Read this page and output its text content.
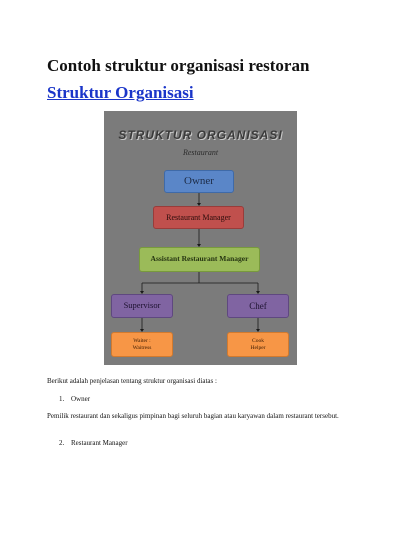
Contoh struktur organisasi restoran
Struktur Organisasi
STRUKTUR ORGANISASI
Restaurant
Owner
Restaurant Manager
Assistant Restaurant Manager
Supervisor	Chef
Waiter :
Waitress
Cook
Helper

Berikut adalah penjelasan tentang struktur organisasi diatas :

1. Owner

Pemilik restaurant dan sekaligus pimpinan bagi seluruh bagian atau karyawan dalam restaurant tersebut.

2. Restaurant Manager
